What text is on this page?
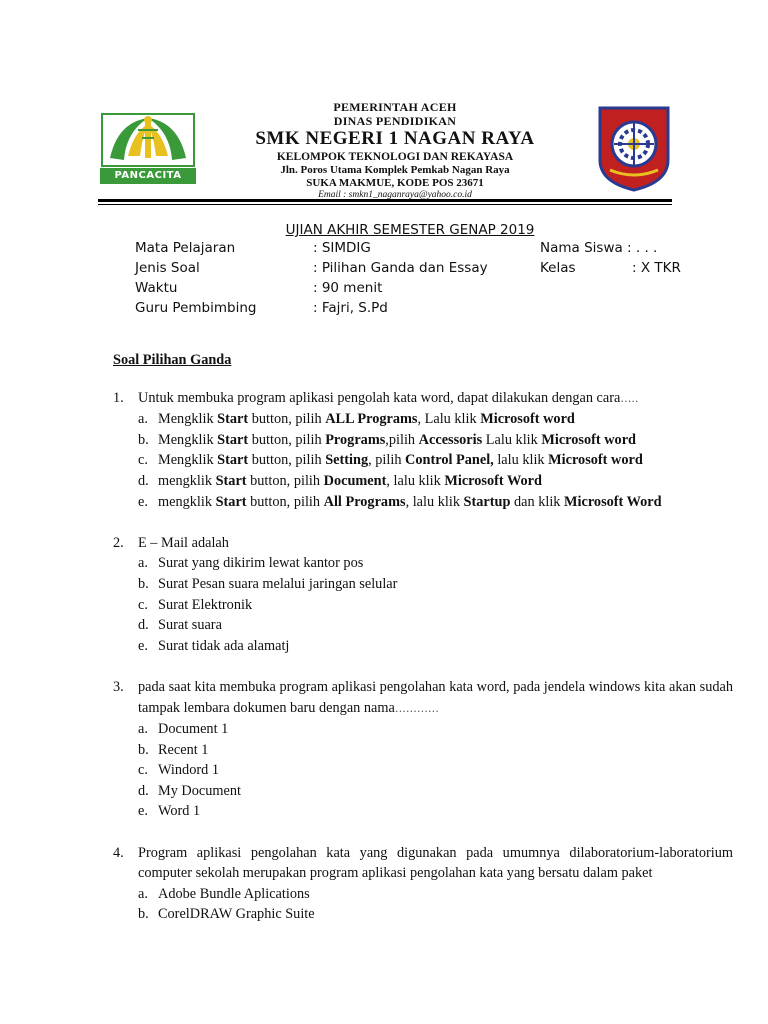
PANCACITA
PEMERINTAH ACEH
DINAS PENDIDIKAN
SMK NEGERI 1 NAGAN RAYA
KELOMPOK TEKNOLOGI DAN REKAYASA
Jln. Poros Utama Komplek Pemkab Nagan Raya
SUKA MAKMUE, KODE POS 23671
Email : smkn1_naganraya@yahoo.co.id
UJIAN AKHIR SEMESTER GENAP 2019
Mata Pelajaran	: SIMDIG	Nama Siswa : . . .
Jenis Soal	: Pilihan Ganda dan Essay	Kelas	: X TKR
Waktu	: 90 menit
Guru Pembimbing	: Fajri, S.Pd
Soal Pilihan Ganda
1. Untuk membuka program aplikasi pengolah kata word, dapat dilakukan dengan cara…..
a. Mengklik Start button, pilih ALL Programs, Lalu klik Microsoft word
b. Mengklik Start button, pilih Programs,pilih Accessoris Lalu klik Microsoft word
c. Mengklik Start button, pilih Setting, pilih Control Panel, lalu klik Microsoft word
d. mengklik Start button, pilih Document, lalu klik Microsoft Word
e. mengklik Start button, pilih All Programs, lalu klik Startup dan klik Microsoft Word
2. E – Mail adalah
a. Surat yang dikirim lewat kantor pos
b. Surat Pesan suara melalui jaringan selular
c. Surat Elektronik
d. Surat suara
e. Surat tidak ada alamatj
3. pada saat kita membuka program aplikasi pengolahan kata word, pada jendela windows kita akan sudah tampak lembara dokumen baru dengan nama…………
a. Document 1
b. Recent 1
c. Windord 1
d. My Document
e. Word 1
4. Program aplikasi pengolahan kata yang digunakan pada umumnya dilaboratorium-laboratorium computer sekolah merupakan program aplikasi pengolahan kata yang bersatu dalam paket
a. Adobe Bundle Aplications
b. CorelDRAW Graphic Suite
